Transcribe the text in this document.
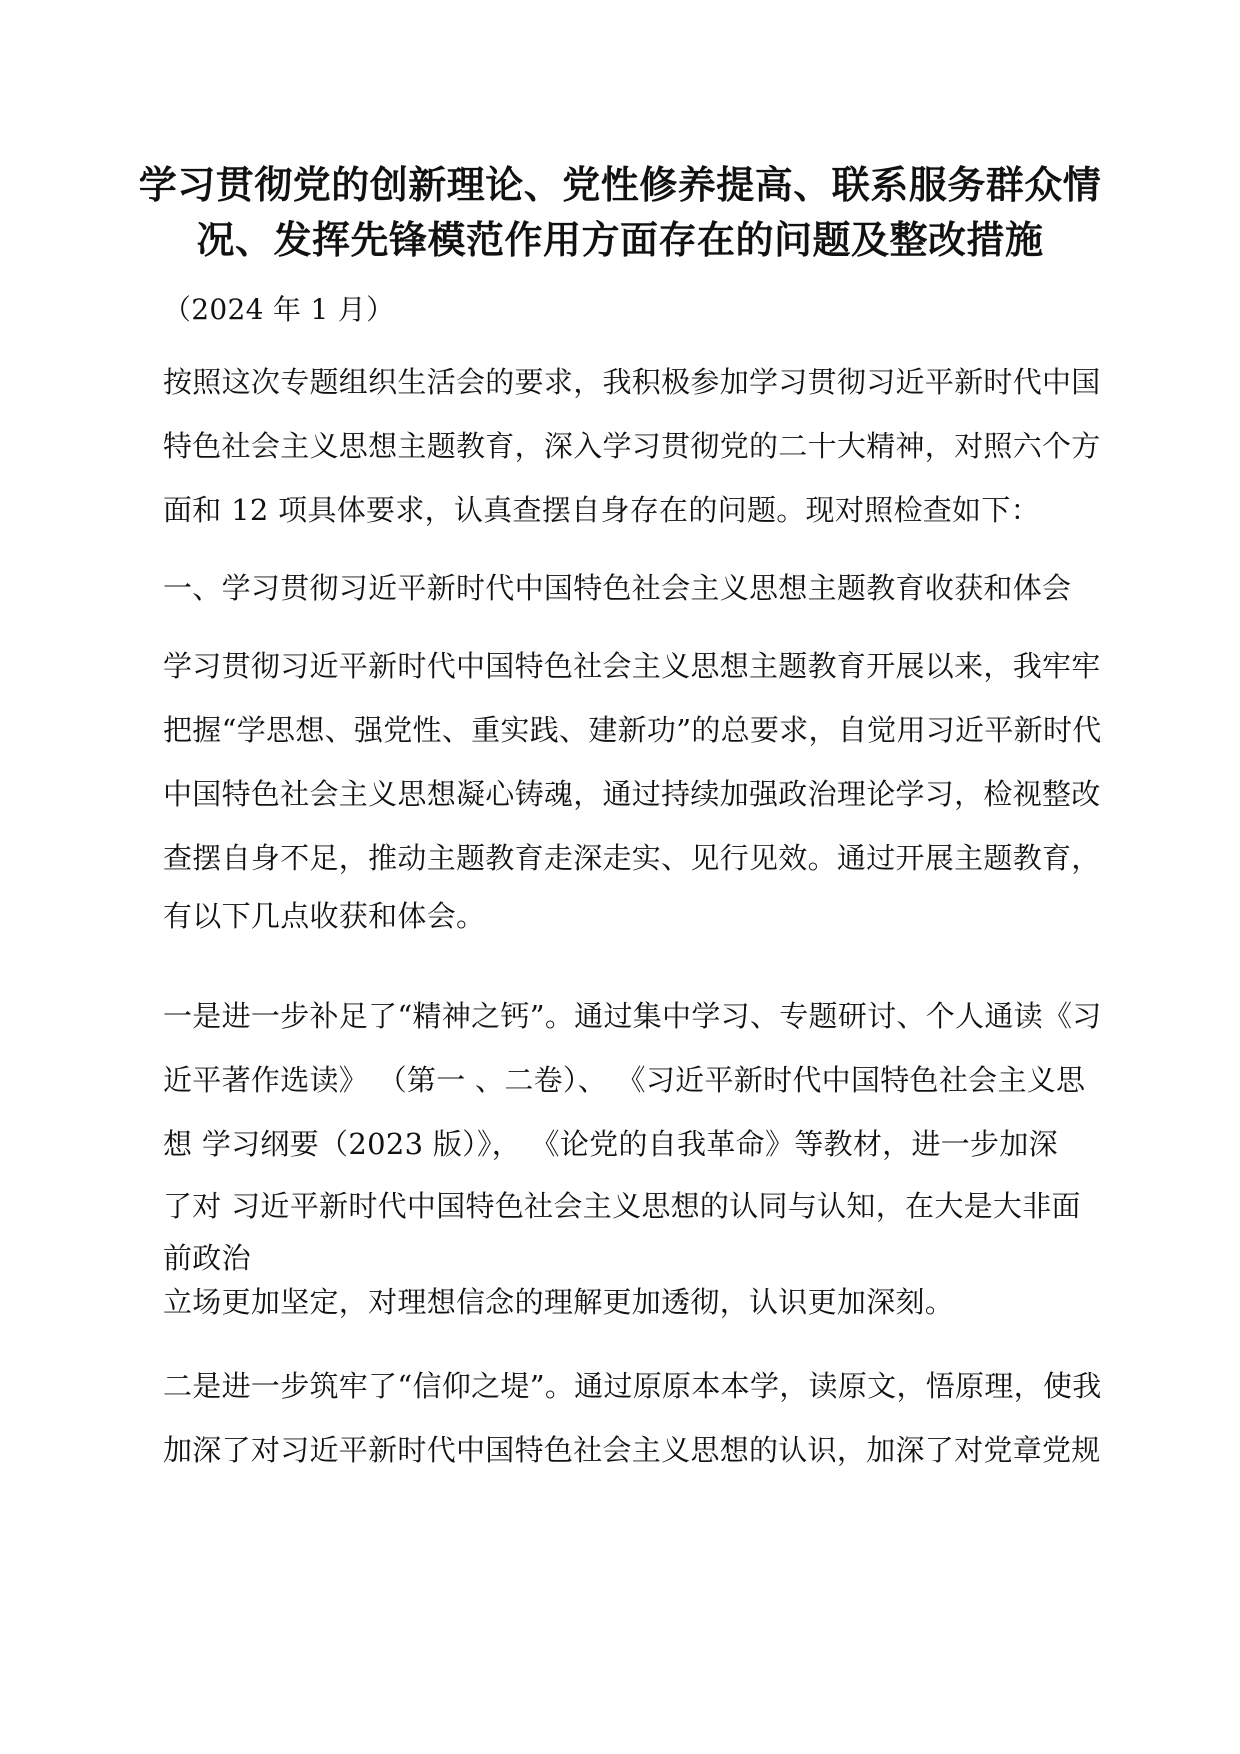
学习贯彻党的创新理论、党性修养提高、联系服务群众情
况、发挥先锋模范作用方面存在的问题及整改措施
（2024 年 1 月）
按照这次专题组织生活会的要求，我积极参加学习贯彻习近平新时代中国
特色社会主义思想主题教育，深入学习贯彻党的二十大精神，对照六个方
面和 12 项具体要求，认真查摆自身存在的问题。现对照检查如下：
一、学习贯彻习近平新时代中国特色社会主义思想主题教育收获和体会
学习贯彻习近平新时代中国特色社会主义思想主题教育开展以来，我牢牢
把握“学思想、强党性、重实践、建新功”的总要求，自觉用习近平新时代
中国特色社会主义思想凝心铸魂，通过持续加强政治理论学习，检视整改
查摆自身不足，推动主题教育走深走实、见行见效。通过开展主题教育，
有以下几点收获和体会。
一是进一步补足了“精神之钙”。通过集中学习、专题研讨、个人通读《习
近平著作选读》 （第一 、二卷）、 《习近平新时代中国特色社会主义思
想 学习纲要（2023 版）》， 《论党的自我革命》等教材，进一步加深
了对 习近平新时代中国特色社会主义思想的认同与认知，在大是大非面
前政治
立场更加坚定，对理想信念的理解更加透彻，认识更加深刻。
二是进一步筑牢了“信仰之堤”。通过原原本本学，读原文，悟原理，使我
加深了对习近平新时代中国特色社会主义思想的认识，加深了对党章党规
